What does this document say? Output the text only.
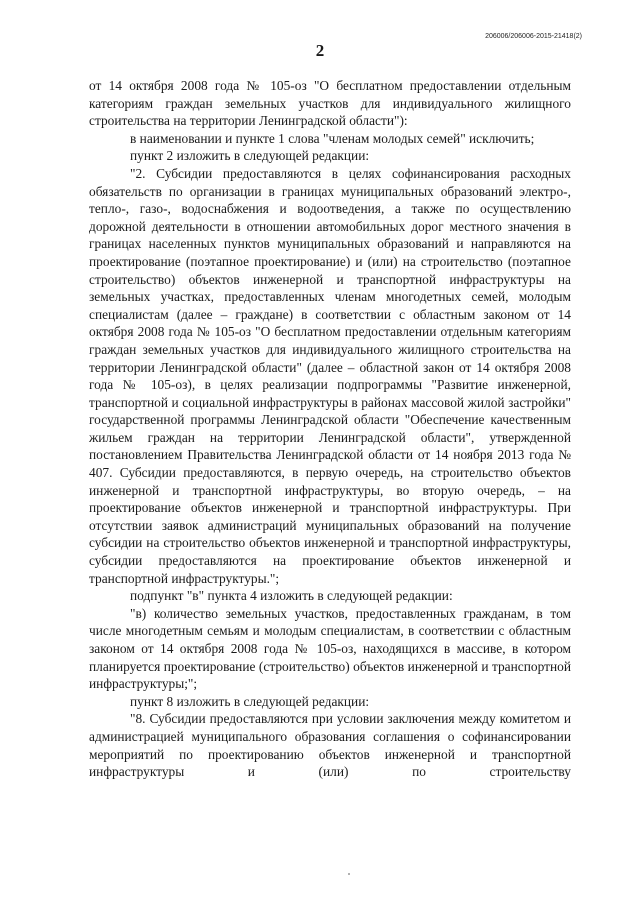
206006/206006-2015-21418(2)
2

от 14 октября 2008 года № 105-оз "О бесплатном предоставлении отдельным категориям граждан земельных участков для индивидуального жилищного строительства на территории Ленинградской области"):

в наименовании и пункте 1 слова "членам молодых семей" исключить;

пункт 2 изложить в следующей редакции:

"2. Субсидии предоставляются в целях софинансирования расходных обязательств по организации в границах муниципальных образований электро-, тепло-, газо-, водоснабжения и водоотведения, а также по осуществлению дорожной деятельности в отношении автомобильных дорог местного значения в границах населенных пунктов муниципальных образований и направляются на проектирование (поэтапное проектирование) и (или) на строительство (поэтапное строительство) объектов инженерной и транспортной инфраструктуры на земельных участках, предоставленных членам многодетных семей, молодым специалистам (далее – граждане) в соответствии с областным законом от 14 октября 2008 года № 105-оз "О бесплатном предоставлении отдельным категориям граждан земельных участков для индивидуального жилищного строительства на территории Ленинградской области" (далее – областной закон от 14 октября 2008 года № 105-оз), в целях реализации подпрограммы "Развитие инженерной, транспортной и социальной инфраструктуры в районах массовой жилой застройки" государственной программы Ленинградской области "Обеспечение качественным жильем граждан на территории Ленинградской области", утвержденной постановлением Правительства Ленинградской области от 14 ноября 2013 года № 407. Субсидии предоставляются, в первую очередь, на строительство объектов инженерной и транспортной инфраструктуры, во вторую очередь, – на проектирование объектов инженерной и транспортной инфраструктуры. При отсутствии заявок администраций муниципальных образований на получение субсидии на строительство объектов инженерной и транспортной инфраструктуры, субсидии предоставляются на проектирование объектов инженерной и транспортной инфраструктуры.";

подпункт "в" пункта 4 изложить в следующей редакции:

"в) количество земельных участков, предоставленных гражданам, в том числе многодетным семьям и молодым специалистам, в соответствии с областным законом от 14 октября 2008 года № 105-оз, находящихся в массиве, в котором планируется проектирование (строительство) объектов инженерной и транспортной инфраструктуры;";

пункт 8 изложить в следующей редакции:

"8. Субсидии предоставляются при условии заключения между комитетом и администрацией муниципального образования соглашения о софинансировании мероприятий по проектированию объектов инженерной и транспортной инфраструктуры и (или) по строительству
